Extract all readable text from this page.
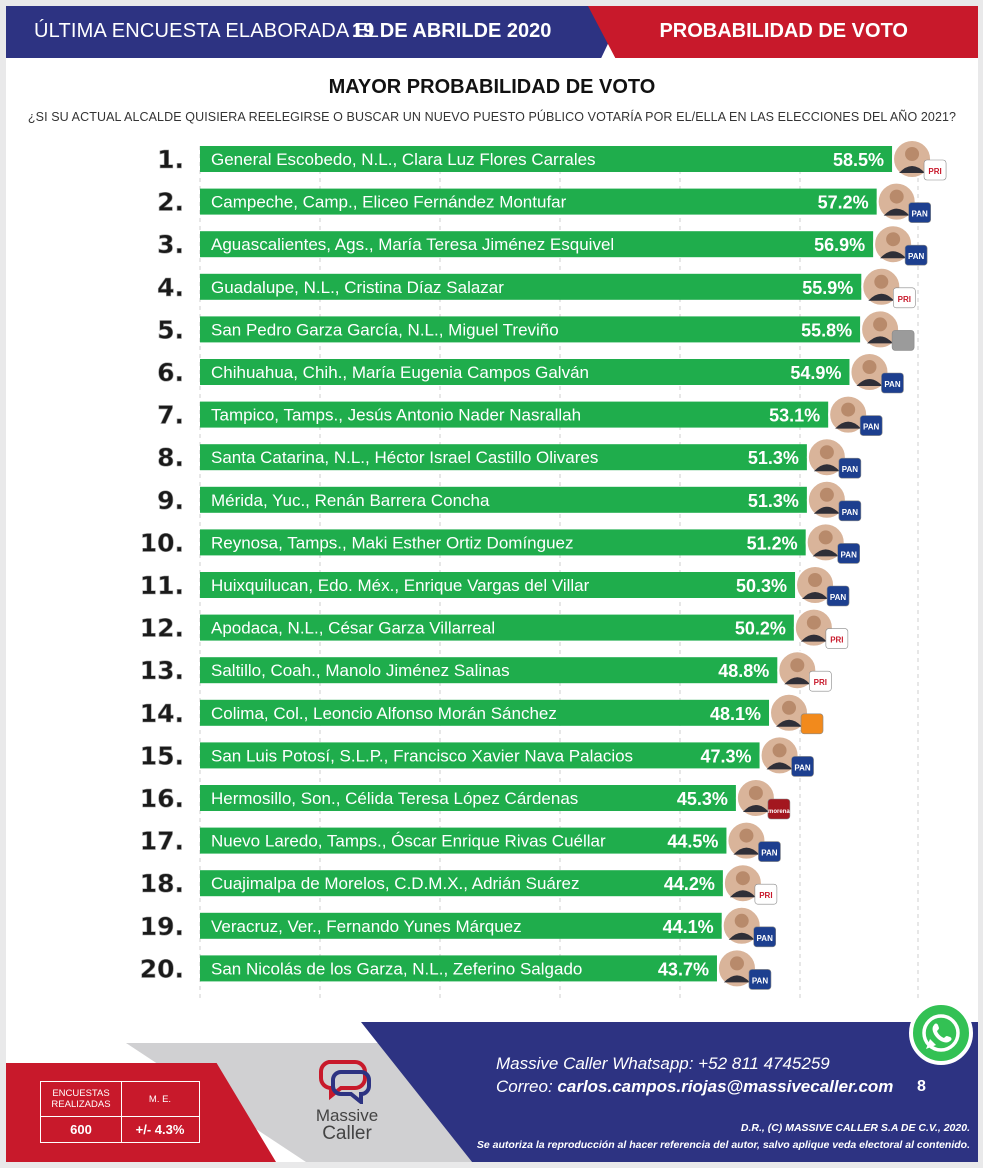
ÚLTIMA ENCUESTA ELABORADA EL
19 DE ABRILDE 2020	PROBABILIDAD DE VOTO
MAYOR PROBABILIDAD DE VOTO
¿SI SU ACTUAL ALCALDE QUISIERA REELEGIRSE O BUSCAR UN NUEVO PUESTO PÚBLICO VOTARÍA POR EL/ELLA EN LAS ELECCIONES DEL AÑO 2021?
1. General Escobedo, N.L., Clara Luz Flores Carrales	58.5%
PRI
2. Campeche, Camp., Eliceo Fernández Montufar	57.2%
PAN
3. Aguascalientes, Ags., María Teresa Jiménez Esquivel	56.9%
PAN
4. Guadalupe, N.L., Cristina Díaz Salazar	55.9%
PRI
5. San Pedro Garza García, N.L., Miguel Treviño	55.8%
6. Chihuahua, Chih., María Eugenia Campos Galván	54.9%
PAN
7. Tampico, Tamps., Jesús Antonio Nader Nasrallah	53.1%
PAN
8. Santa Catarina, N.L., Héctor Israel Castillo Olivares	51.3%
PAN
9. Mérida, Yuc., Renán Barrera Concha	51.3%
PAN
10. Reynosa, Tamps., Maki Esther Ortiz Domínguez	51.2%
PAN
11. Huixquilucan, Edo. Méx., Enrique Vargas del Villar	50.3%
PAN
12. Apodaca, N.L., César Garza Villarreal	50.2%
PRI
13. Saltillo, Coah., Manolo Jiménez Salinas	48.8%
PRI
14. Colima, Col., Leoncio Alfonso Morán Sánchez	48.1%
15. San Luis Potosí, S.L.P., Francisco Xavier Nava Palacios	47.3%
PAN
16. Hermosillo, Son., Célida Teresa López Cárdenas	45.3%
morena
17. Nuevo Laredo, Tamps., Óscar Enrique Rivas Cuéllar	44.5%
PAN
18. Cuajimalpa de Morelos, C.D.M.X., Adrián Suárez	44.2%
PRI
19. Veracruz, Ver., Fernando Yunes Márquez	44.1%
PAN
20. San Nicolás de los Garza, N.L., Zeferino Salgado	43.7%
PAN
ENCUESTAS REALIZADAS	M. E.
600	+/- 4.3%
Massive
Caller
Massive Caller Whatsapp: +52 811 4745259
Correo: carlos.campos.riojas@massivecaller.com 8
D.R., (C) MASSIVE CALLER S.A DE C.V., 2020.
Se autoriza la reproducción al hacer referencia del autor, salvo aplique veda electoral al contenido.
